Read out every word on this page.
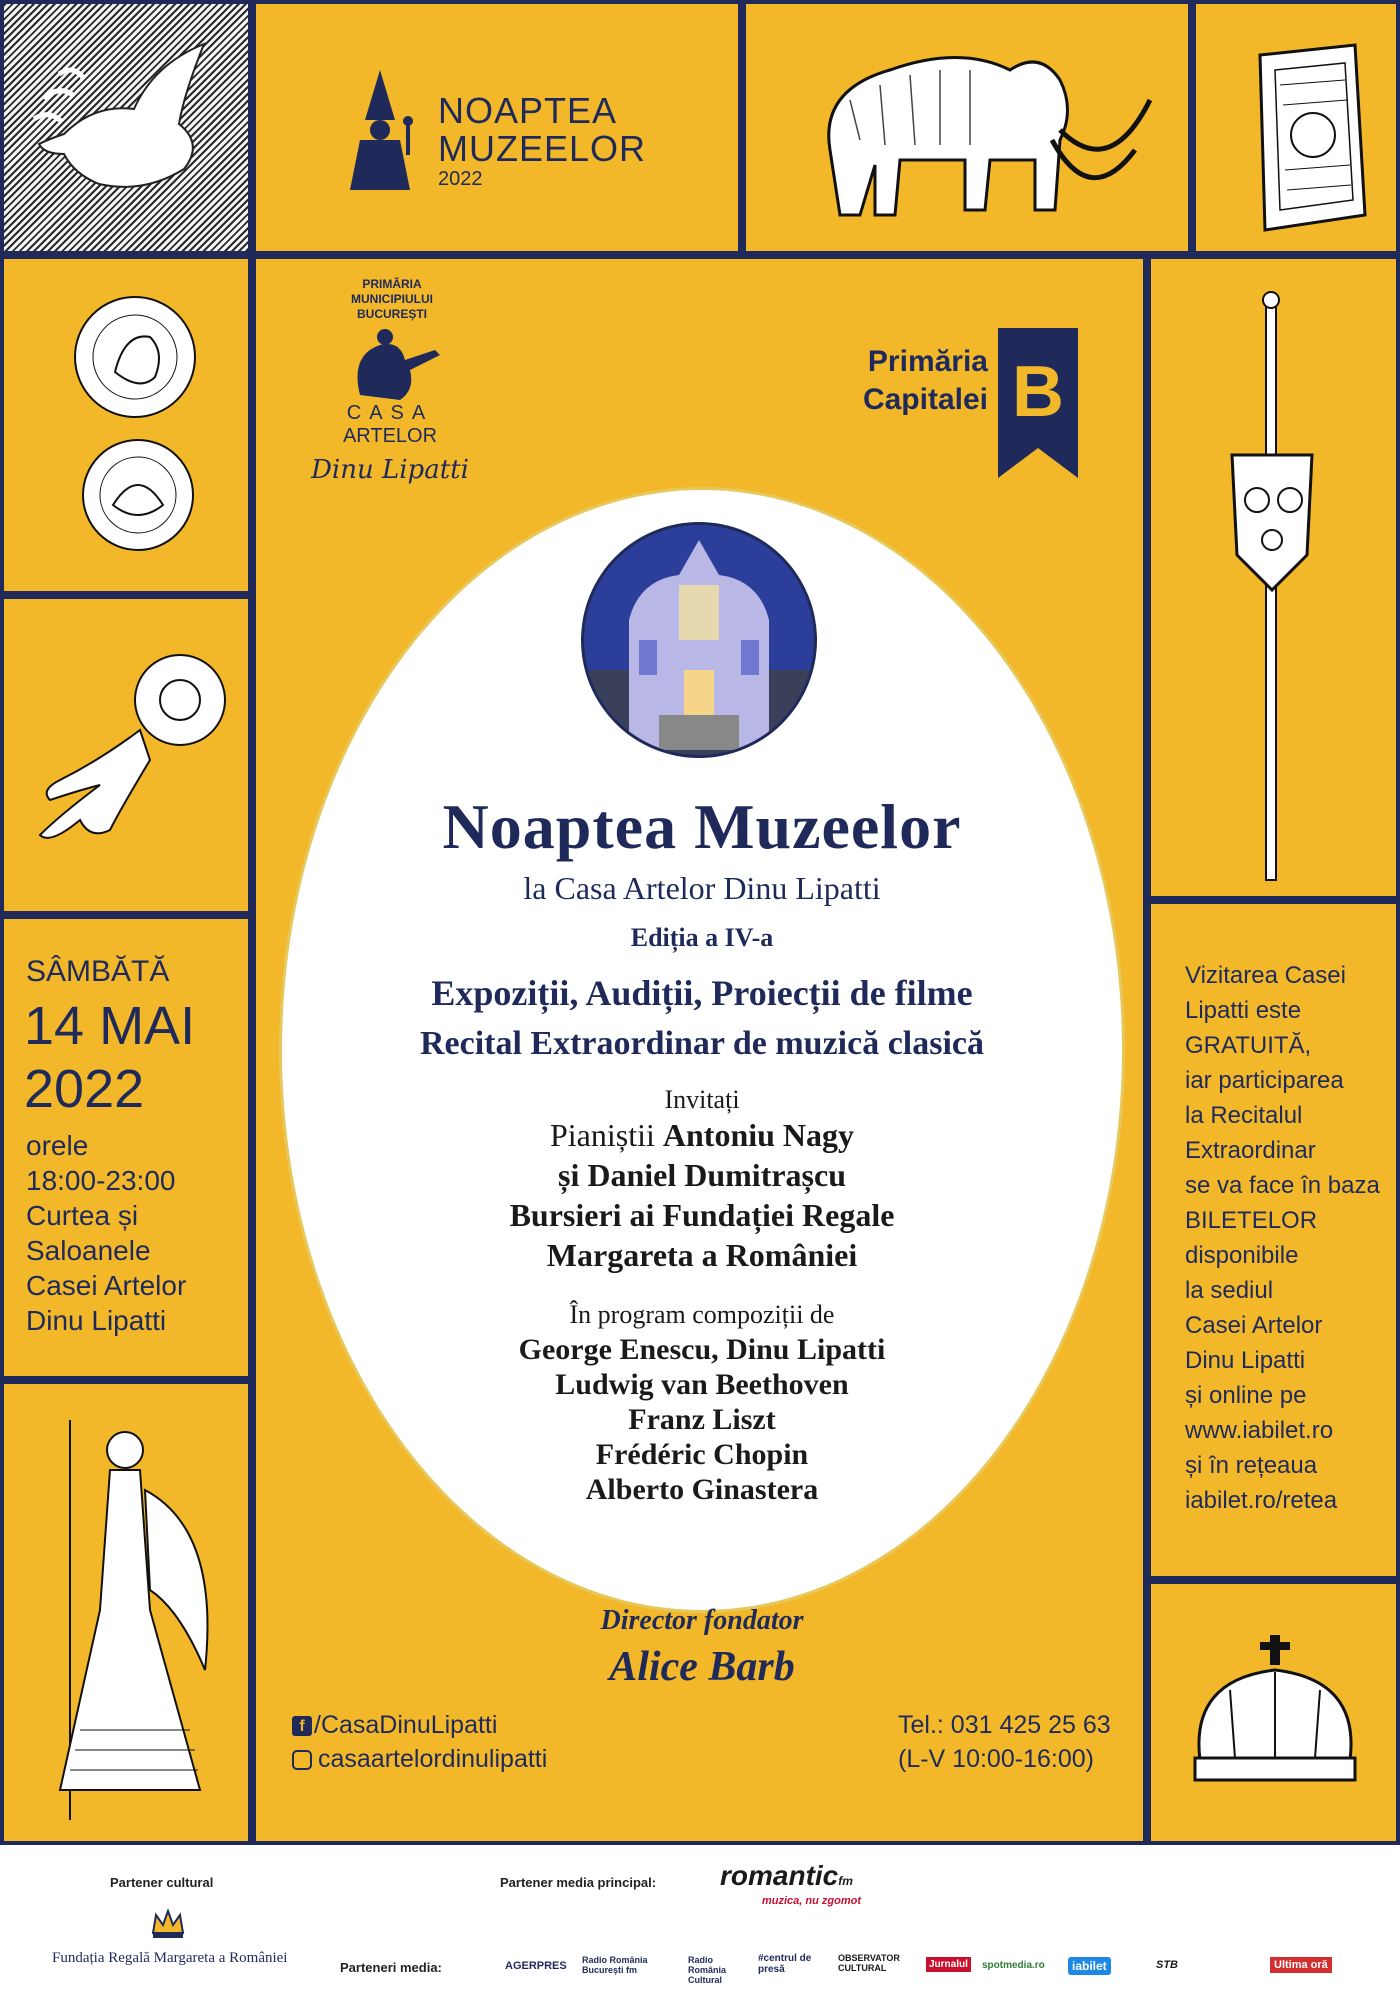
NOAPTEA
MUZEELOR
2022
PRIMĂRIA
MUNICIPIULUI
BUCUREȘTI
CASA
ARTELOR
Dinu Lipatti
Primăria
Capitalei B
Noaptea Muzeelor
la Casa Artelor Dinu Lipatti
Ediția a IV-a
Expoziții, Audiții, Proiecții de filme
Recital Extraordinar de muzică clasică
Invitați
Pianiștii Antoniu Nagy
și Daniel Dumitrașcu
Bursieri ai Fundației Regale
Margareta a României
În program compoziții de
George Enescu, Dinu Lipatti
Ludwig van Beethoven
Franz Liszt
Frédéric Chopin
Alberto Ginastera
Director fondator
Alice Barb
SÂMBĂTĂ
14 MAI
2022
orele
18:00-23:00
Curtea și
Saloanele
Casei Artelor
Dinu Lipatti
Vizitarea Casei
Lipatti este
GRATUITĂ,
iar participarea
la Recitalul
Extraordinar
se va face în baza
BILETELOR
disponibile
la sediul
Casei Artelor
Dinu Lipatti
și online pe
www.iabilet.ro
și în rețeaua
iabilet.ro/retea
f /CasaDinuLipatti
casaartelordinulipatti
Tel.: 031 425 25 63
(L-V 10:00-16:00)
Partener cultural
Fundația Regală Margareta a României
Partener media principal: romanticfm
muzica, nu zgomot
Parteneri media:	AGERPRES Radio România București fm
Radio România Cultural
#centrul de presă
OBSERVATOR CULTURAL	Jurnalul	spotmedia.ro	iabilet	STB	Ultima oră
